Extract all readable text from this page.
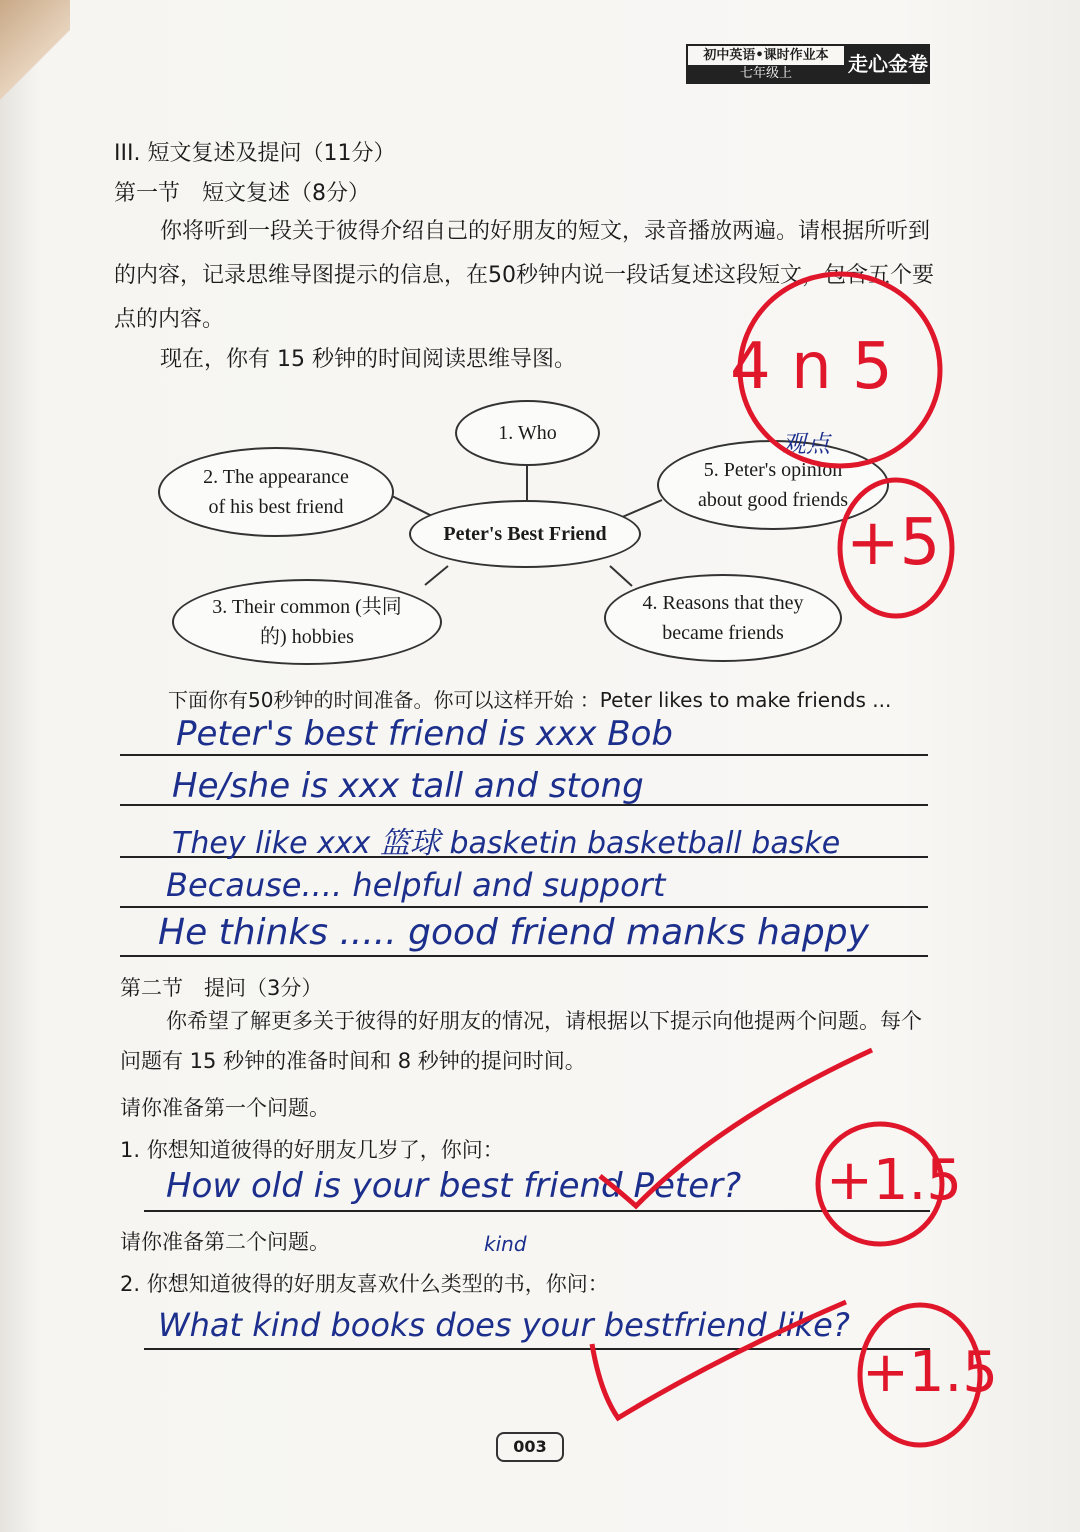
初中英语•课时作业本
七年级上	走心金卷
III. 短文复述及提问（11分）
第一节　短文复述（8分）
你将听到一段关于彼得介绍自己的好朋友的短文，录音播放两遍。请根据所听到的内容，记录思维导图提示的信息，在50秒钟内说一段话复述这段短文，包含五个要点的内容。
现在，你有 15 秒钟的时间阅读思维导图。
1. Who
2. The appearance of his best friend
Peter's Best Friend
5. Peter's opinion about good friends
3. Their common (共同的) hobbies
4. Reasons that they became friends
下面你有50秒钟的时间准备。你可以这样开始 ：Peter likes to make friends ...
Peter's best friend is xxx Bob
He/she is xxx tall and stong
They like xxx 篮球 basketin basketball baske
Because.... helpful and support
He thinks ..... good friend manks happy
第二节　提问（3分）
你希望了解更多关于彼得的好朋友的情况，请根据以下提示向他提两个问题。每个问题有 15 秒钟的准备时间和 8 秒钟的提问时间。
请你准备第一个问题。
1. 你想知道彼得的好朋友几岁了，你问：
How old is your best friend Peter?
请你准备第二个问题。	kind
2. 你想知道彼得的好朋友喜欢什么类型的书，你问：
What kind books does your bestfriend like?
观点
4 n 5
+5
+1.5
+1.5
003
